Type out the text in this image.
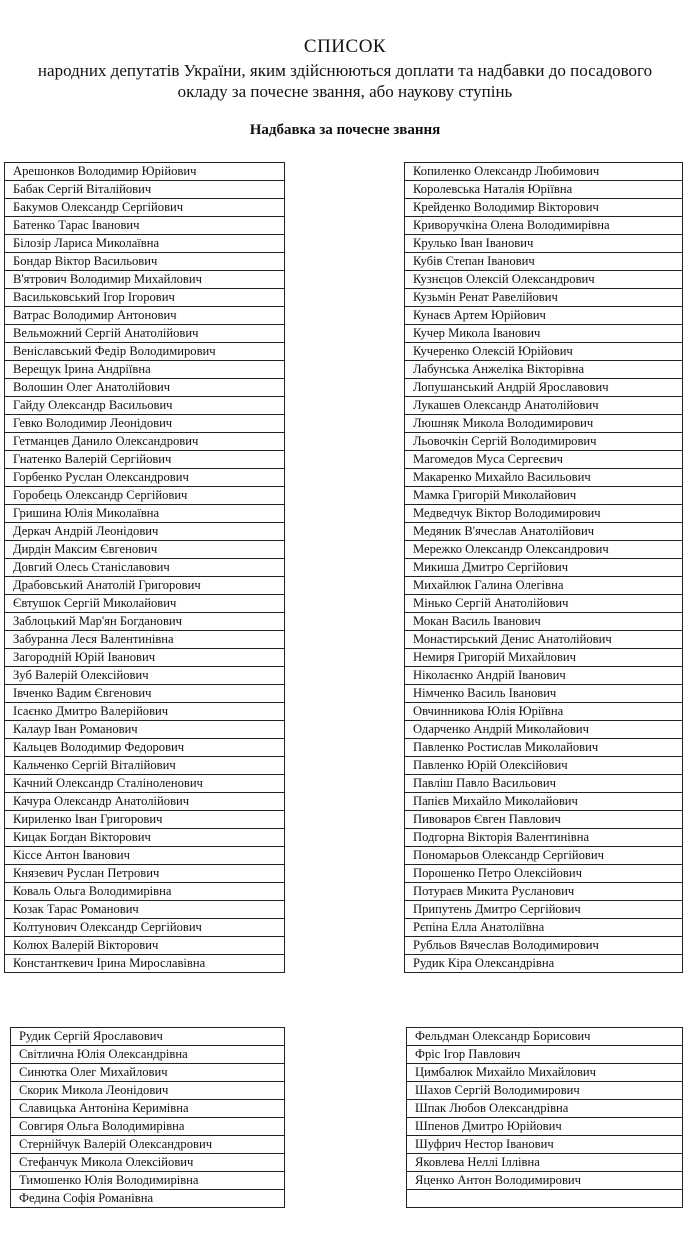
СПИСОК
народних депутатів України, яким здійснюються доплати та надбавки до посадового окладу за почесне звання, або наукову ступінь
Надбавка за почесне звання
Арешонков Володимир Юрійович
Бабак Сергій Віталійович
Бакумов Олександр Сергійович
Батенко Тарас Іванович
Білозір Лариса Миколаївна
Бондар Віктор Васильович
В'ятрович Володимир Михайлович
Васильковський Ігор Ігорович
Ватрас Володимир Антонович
Вельможний Сергій Анатолійович
Веніславський Федір Володимирович
Верещук Ірина Андріївна
Волошин Олег Анатолійович
Гайду Олександр Васильович
Гевко Володимир Леонідович
Гетманцев Данило Олександрович
Гнатенко Валерій Сергійович
Горбенко Руслан Олександрович
Горобець Олександр Сергійович
Гришина Юлія Миколаївна
Деркач Андрій Леонідович
Дирдін Максим Євгенович
Довгий Олесь Станіславович
Драбовський Анатолій Григорович
Євтушок Сергій Миколайович
Заблоцький Мар'ян Богданович
Забуранна Леся Валентинівна
Загородній Юрій Іванович
Зуб Валерій Олексійович
Івченко Вадим Євгенович
Ісаєнко Дмитро Валерійович
Калаур Іван Романович
Кальцев Володимир Федорович
Кальченко Сергій Віталійович
Качний Олександр Сталіноленович
Качура Олександр Анатолійович
Кириленко Іван Григорович
Кицак Богдан Вікторович
Кіссе Антон Іванович
Князевич Руслан Петрович
Коваль Ольга Володимирівна
Козак Тарас Романович
Колтунович Олександр Сергійович
Колюх Валерій Вікторович
Константкевич Ірина Мирославівна
Копиленко Олександр Любимович
Королевська Наталія Юріївна
Крейденко Володимир Вікторович
Криворучкіна Олена Володимирівна
Крулько Іван Іванович
Кубів Степан Іванович
Кузнєцов Олексій Олександрович
Кузьмін Ренат Равелійович
Кунаєв Артем Юрійович
Кучер Микола Іванович
Кучеренко Олексій Юрійович
Лабунська Анжеліка Вікторівна
Лопушанський Андрій Ярославович
Лукашев Олександр Анатолійович
Люшняк Микола Володимирович
Льовочкін Сергій Володимирович
Магомедов Муса Сергеєвич
Макаренко Михайло Васильович
Мамка Григорій Миколайович
Медведчук Віктор Володимирович
Медяник В'ячеслав Анатолійович
Мережко Олександр Олександрович
Микиша Дмитро Сергійович
Михайлюк Галина Олегівна
Мінько Сергій Анатолійович
Мокан Василь Іванович
Монастирський Денис Анатолійович
Немиря Григорій Михайлович
Ніколаєнко Андрій Іванович
Німченко Василь Іванович
Овчинникова Юлія Юріївна
Одарченко Андрій Миколайович
Павленко Ростислав Миколайович
Павленко Юрій Олексійович
Павліш Павло Васильович
Папієв Михайло Миколайович
Пивоваров Євген Павлович
Подгорна Вікторія Валентинівна
Пономарьов Олександр Сергійович
Порошенко Петро Олексійович
Потураєв Микита Русланович
Припутень Дмитро Сергійович
Рєпіна Елла Анатоліївна
Рубльов Вячеслав Володимирович
Рудик Кіра Олександрівна
Рудик Сергій Ярославович
Світлична Юлія Олександрівна
Синютка Олег Михайлович
Скорик Микола Леонідович
Славицька Антоніна Керимівна
Совгиря Ольга Володимирівна
Стернійчук Валерій Олександрович
Стефанчук Микола Олексійович
Тимошенко Юлія Володимирівна
Федина Софія Романівна
Фельдман Олександр Борисович
Фріс Ігор Павлович
Цимбалюк Михайло Михайлович
Шахов Сергій Володимирович
Шпак Любов Олександрівна
Шпенов Дмитро Юрійович
Шуфрич Нестор Іванович
Яковлева Неллі Іллівна
Яценко Антон Володимирович
